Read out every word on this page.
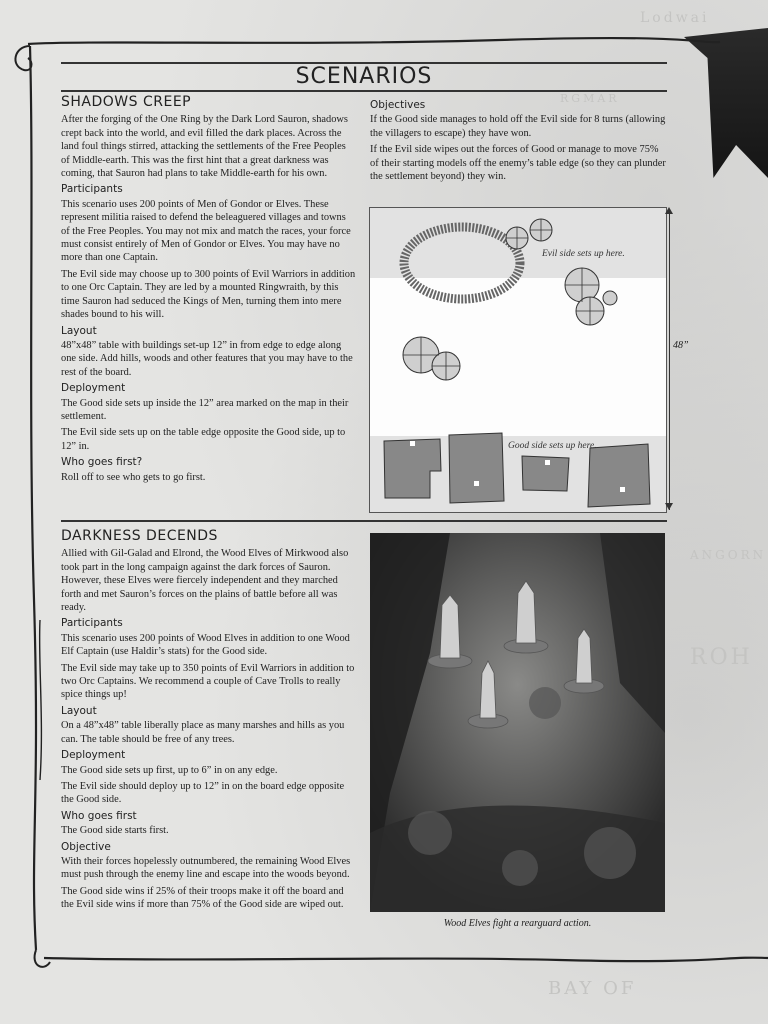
Lodwai
RGMAR
ANGORN
ROH
BAY OF
SCENARIOS
SHADOWS CREEP

After the forging of the One Ring by the Dark Lord Sauron, shadows crept back into the world, and evil filled the dark places. Across the land foul things stirred, attacking the settlements of the Free Peoples of Middle-earth. This was the first hint that a great darkness was coming, that Sauron had plans to take Middle-earth for his own.

Participants

This scenario uses 200 points of Men of Gondor or Elves. These represent militia raised to defend the beleaguered villages and towns of the Free Peoples. You may not mix and match the races, your force must consist entirely of Men of Gondor or Elves. You may have no more than one Captain.

The Evil side may choose up to 300 points of Evil Warriors in addition to one Orc Captain. They are led by a mounted Ringwraith, by this time Sauron had seduced the Kings of Men, turning them into mere shades bound to his will.

Layout

48”x48” table with buildings set-up 12” in from edge to edge along one side. Add hills, woods and other features that you may have to the rest of the board.

Deployment

The Good side sets up inside the 12” area marked on the map in their settlement.

The Evil side sets up on the table edge opposite the Good side, up to 12” in.

Who goes first?

Roll off to see who gets to go first.

Objectives

If the Good side manages to hold off the Evil side for 8 turns (allowing the villagers to escape) they have won.

If the Evil side wipes out the forces of Good or manage to move 75% of their starting models off the enemy’s table edge (so they can plunder the settlement beyond) they win.

Evil side sets up here.
Good side sets up here.
48”
DARKNESS DECENDS

Allied with Gil-Galad and Elrond, the Wood Elves of Mirkwood also took part in the long campaign against the dark forces of Sauron. However, these Elves were fiercely independent and they marched forth and met Sauron’s forces on the plains of battle before all was ready.

Participants

This scenario uses 200 points of Wood Elves in addition to one Wood Elf Captain (use Haldir’s stats) for the Good side.

The Evil side may take up to 350 points of Evil Warriors in addition to two Orc Captains. We recommend a couple of Cave Trolls to really spice things up!

Layout

On a 48”x48” table liberally place as many marshes and hills as you can. The table should be free of any trees.

Deployment

The Good side sets up first, up to 6” in on any edge.

The Evil side should deploy up to 12” in on the board edge opposite the Good side.

Who goes first

The Good side starts first.

Objective

With their forces hopelessly outnumbered, the remaining Wood Elves must push through the enemy line and escape into the woods beyond.

The Good side wins if 25% of their troops make it off the board and the Evil side wins if more than 75% of the Good side are wiped out.

Wood Elves fight a rearguard action.
